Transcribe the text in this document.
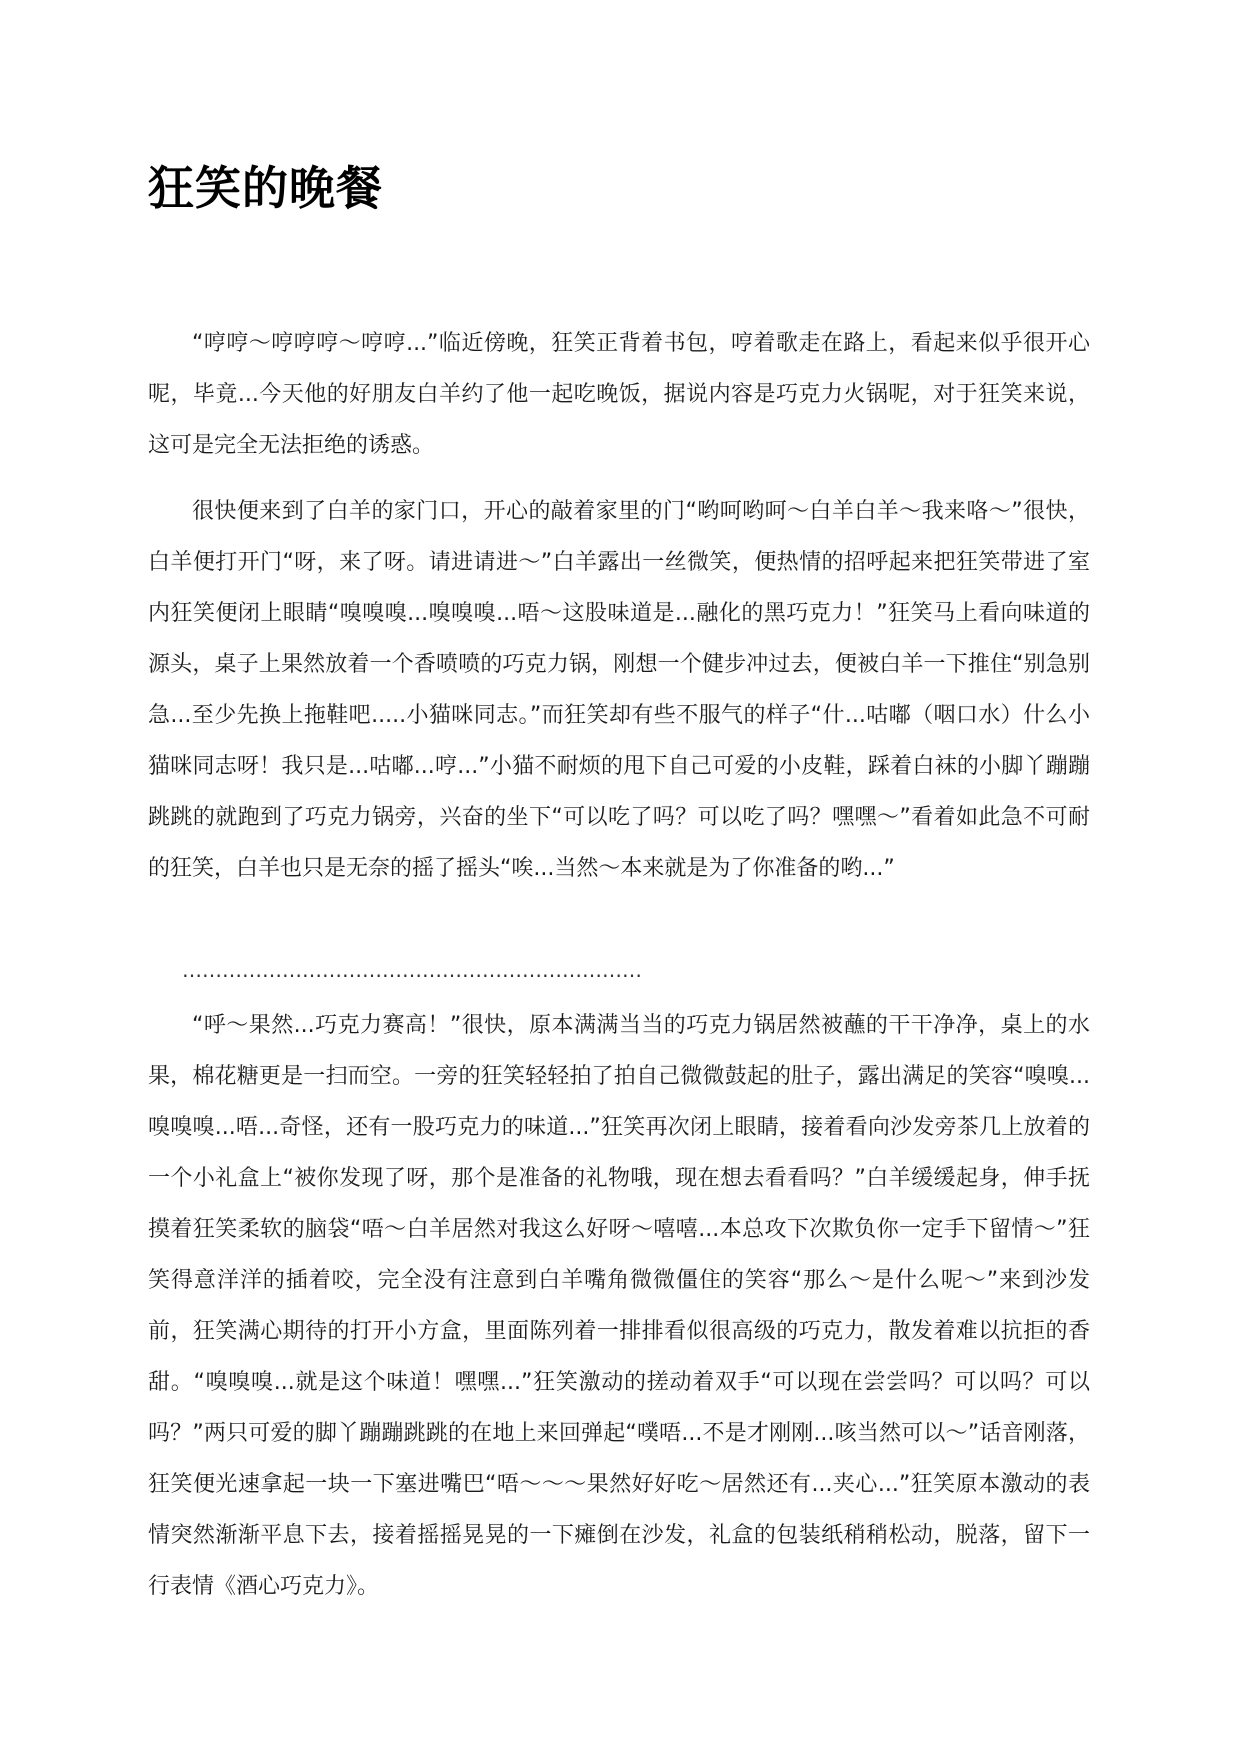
狂笑的晚餐

“哼哼～哼哼哼～哼哼...”临近傍晚，狂笑正背着书包，哼着歌走在路上，看起来似乎很开心呢，毕竟...今天他的好朋友白羊约了他一起吃晚饭，据说内容是巧克力火锅呢，对于狂笑来说，这可是完全无法拒绝的诱惑。

很快便来到了白羊的家门口，开心的敲着家里的门“哟呵哟呵～白羊白羊～我来咯～”很快，白羊便打开门“呀，来了呀。请进请进～”白羊露出一丝微笑，便热情的招呼起来把狂笑带进了室内狂笑便闭上眼睛“嗅嗅嗅...嗅嗅嗅...唔～这股味道是...融化的黑巧克力！”狂笑马上看向味道的源头，桌子上果然放着一个香喷喷的巧克力锅，刚想一个健步冲过去，便被白羊一下推住“别急别急...至少先换上拖鞋吧.....小猫咪同志。”而狂笑却有些不服气的样子“什...咕嘟（咽口水）什么小猫咪同志呀！我只是...咕嘟...哼...”小猫不耐烦的甩下自己可爱的小皮鞋，踩着白袜的小脚丫蹦蹦跳跳的就跑到了巧克力锅旁，兴奋的坐下“可以吃了吗？可以吃了吗？嘿嘿～”看着如此急不可耐的狂笑，白羊也只是无奈的摇了摇头“唉...当然～本来就是为了你准备的哟...”

……………………………………………………………

“呼～果然...巧克力赛高！”很快，原本满满当当的巧克力锅居然被蘸的干干净净，桌上的水果，棉花糖更是一扫而空。一旁的狂笑轻轻拍了拍自己微微鼓起的肚子，露出满足的笑容“嗅嗅...嗅嗅嗅...唔...奇怪，还有一股巧克力的味道...”狂笑再次闭上眼睛，接着看向沙发旁茶几上放着的一个小礼盒上“被你发现了呀，那个是准备的礼物哦，现在想去看看吗？”白羊缓缓起身，伸手抚摸着狂笑柔软的脑袋“唔～白羊居然对我这么好呀～嘻嘻...本总攻下次欺负你一定手下留情～”狂笑得意洋洋的插着咬，完全没有注意到白羊嘴角微微僵住的笑容“那么～是什么呢～”来到沙发前，狂笑满心期待的打开小方盒，里面陈列着一排排看似很高级的巧克力，散发着难以抗拒的香甜。“嗅嗅嗅...就是这个味道！嘿嘿...”狂笑激动的搓动着双手“可以现在尝尝吗？可以吗？可以吗？”两只可爱的脚丫蹦蹦跳跳的在地上来回弹起“噗唔...不是才刚刚...咳当然可以～”话音刚落，狂笑便光速拿起一块一下塞进嘴巴“唔～～～果然好好吃～居然还有...夹心...”狂笑原本激动的表情突然渐渐平息下去，接着摇摇晃晃的一下瘫倒在沙发，礼盒的包装纸稍稍松动，脱落，留下一行表情《酒心巧克力》。
